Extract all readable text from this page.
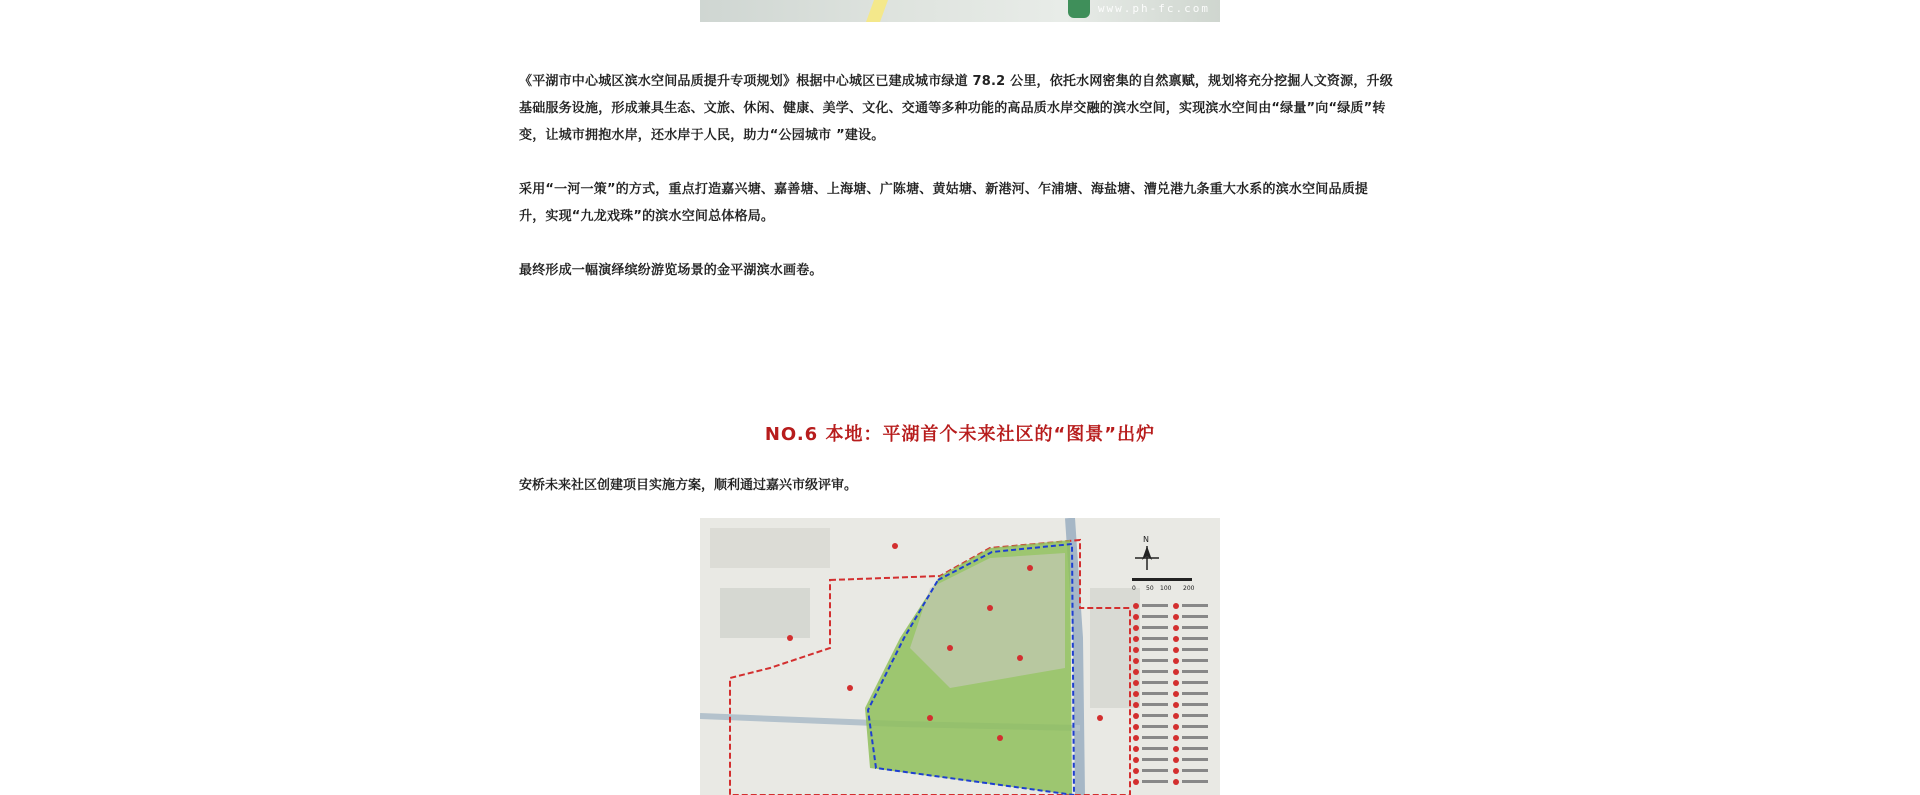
www.ph-fc.com

《平湖市中心城区滨水空间品质提升专项规划》根据中心城区已建成城市绿道 78.2 公里，依托水网密集的自然禀赋，规划将充分挖掘人文资源，升级基础服务设施，形成兼具生态、文旅、休闲、健康、美学、文化、交通等多种功能的高品质水岸交融的滨水空间，实现滨水空间由“绿量”向“绿质”转变，让城市拥抱水岸，还水岸于人民，助力“公园城市 ”建设。

采用“一河一策”的方式，重点打造嘉兴塘、嘉善塘、上海塘、广陈塘、黄姑塘、新港河、乍浦塘、海盐塘、漕兑港九条重大水系的滨水空间品质提升，实现“九龙戏珠”的滨水空间总体格局。

最终形成一幅演绎缤纷游览场景的金平湖滨水画卷。

NO.6 本地：平湖首个未来社区的“图景”出炉
安桥未来社区创建项目实施方案，顺利通过嘉兴市级评审。
N
0 50 100 200
